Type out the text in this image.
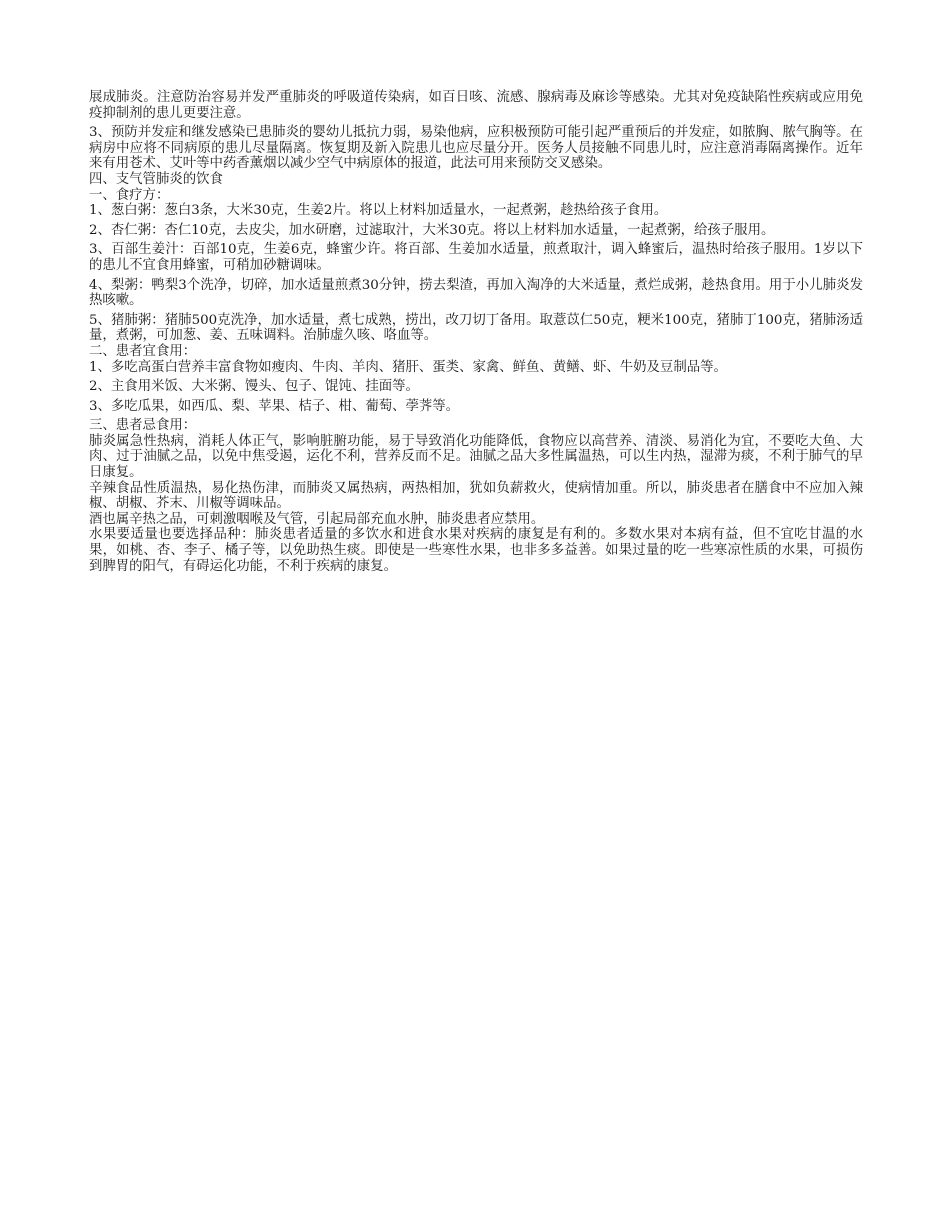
展成肺炎。注意防治容易并发严重肺炎的呼吸道传染病，如百日咳、流感、腺病毒及麻诊等感染。尤其对免疫缺陷性疾病或应用免疫抑制剂的患儿更要注意。

3、预防并发症和继发感染已患肺炎的婴幼儿抵抗力弱，易染他病，应积极预防可能引起严重预后的并发症，如脓胸、脓气胸等。在病房中应将不同病原的患儿尽量隔离。恢复期及新入院患儿也应尽量分开。医务人员接触不同患儿时，应注意消毒隔离操作。近年来有用苍术、艾叶等中药香薰烟以减少空气中病原体的报道，此法可用来预防交叉感染。

四、支气管肺炎的饮食

一、食疗方：

1、葱白粥：葱白3条，大米30克，生姜2片。将以上材料加适量水，一起煮粥，趁热给孩子食用。

2、杏仁粥：杏仁10克，去皮尖，加水研磨，过滤取汁，大米30克。将以上材料加水适量，一起煮粥，给孩子服用。

3、百部生姜汁：百部10克，生姜6克，蜂蜜少许。将百部、生姜加水适量，煎煮取汁，调入蜂蜜后，温热时给孩子服用。1岁以下的患儿不宜食用蜂蜜，可稍加砂糖调味。

4、梨粥：鸭梨3个洗净，切碎，加水适量煎煮30分钟，捞去梨渣，再加入淘净的大米适量，煮烂成粥，趁热食用。用于小儿肺炎发热咳嗽。

5、猪肺粥：猪肺500克洗净，加水适量，煮七成熟，捞出，改刀切丁备用。取薏苡仁50克，粳米100克，猪肺丁100克，猪肺汤适量，煮粥，可加葱、姜、五味调料。治肺虚久咳、咯血等。

二、患者宜食用：

1、多吃高蛋白营养丰富食物如瘦肉、牛肉、羊肉、猪肝、蛋类、家禽、鲜鱼、黄鳝、虾、牛奶及豆制品等。

2、主食用米饭、大米粥、馒头、包子、馄饨、挂面等。

3、多吃瓜果，如西瓜、梨、苹果、桔子、柑、葡萄、荸荠等。

三、患者忌食用：

肺炎属急性热病，消耗人体正气，影响脏腑功能，易于导致消化功能降低，食物应以高营养、清淡、易消化为宜，不要吃大鱼、大肉、过于油腻之品，以免中焦受遏，运化不利，营养反而不足。油腻之品大多性属温热，可以生内热，湿滞为痰，不利于肺气的早日康复。

辛辣食品性质温热，易化热伤津，而肺炎又属热病，两热相加，犹如负薪救火，使病情加重。所以，肺炎患者在膳食中不应加入辣椒、胡椒、芥末、川椒等调味品。

酒也属辛热之品，可刺激咽喉及气管，引起局部充血水肿，肺炎患者应禁用。

水果要适量也要选择品种：肺炎患者适量的多饮水和进食水果对疾病的康复是有利的。多数水果对本病有益，但不宜吃甘温的水果，如桃、杏、李子、橘子等，以免助热生痰。即使是一些寒性水果，也非多多益善。如果过量的吃一些寒凉性质的水果，可损伤到脾胃的阳气，有碍运化功能，不利于疾病的康复。
